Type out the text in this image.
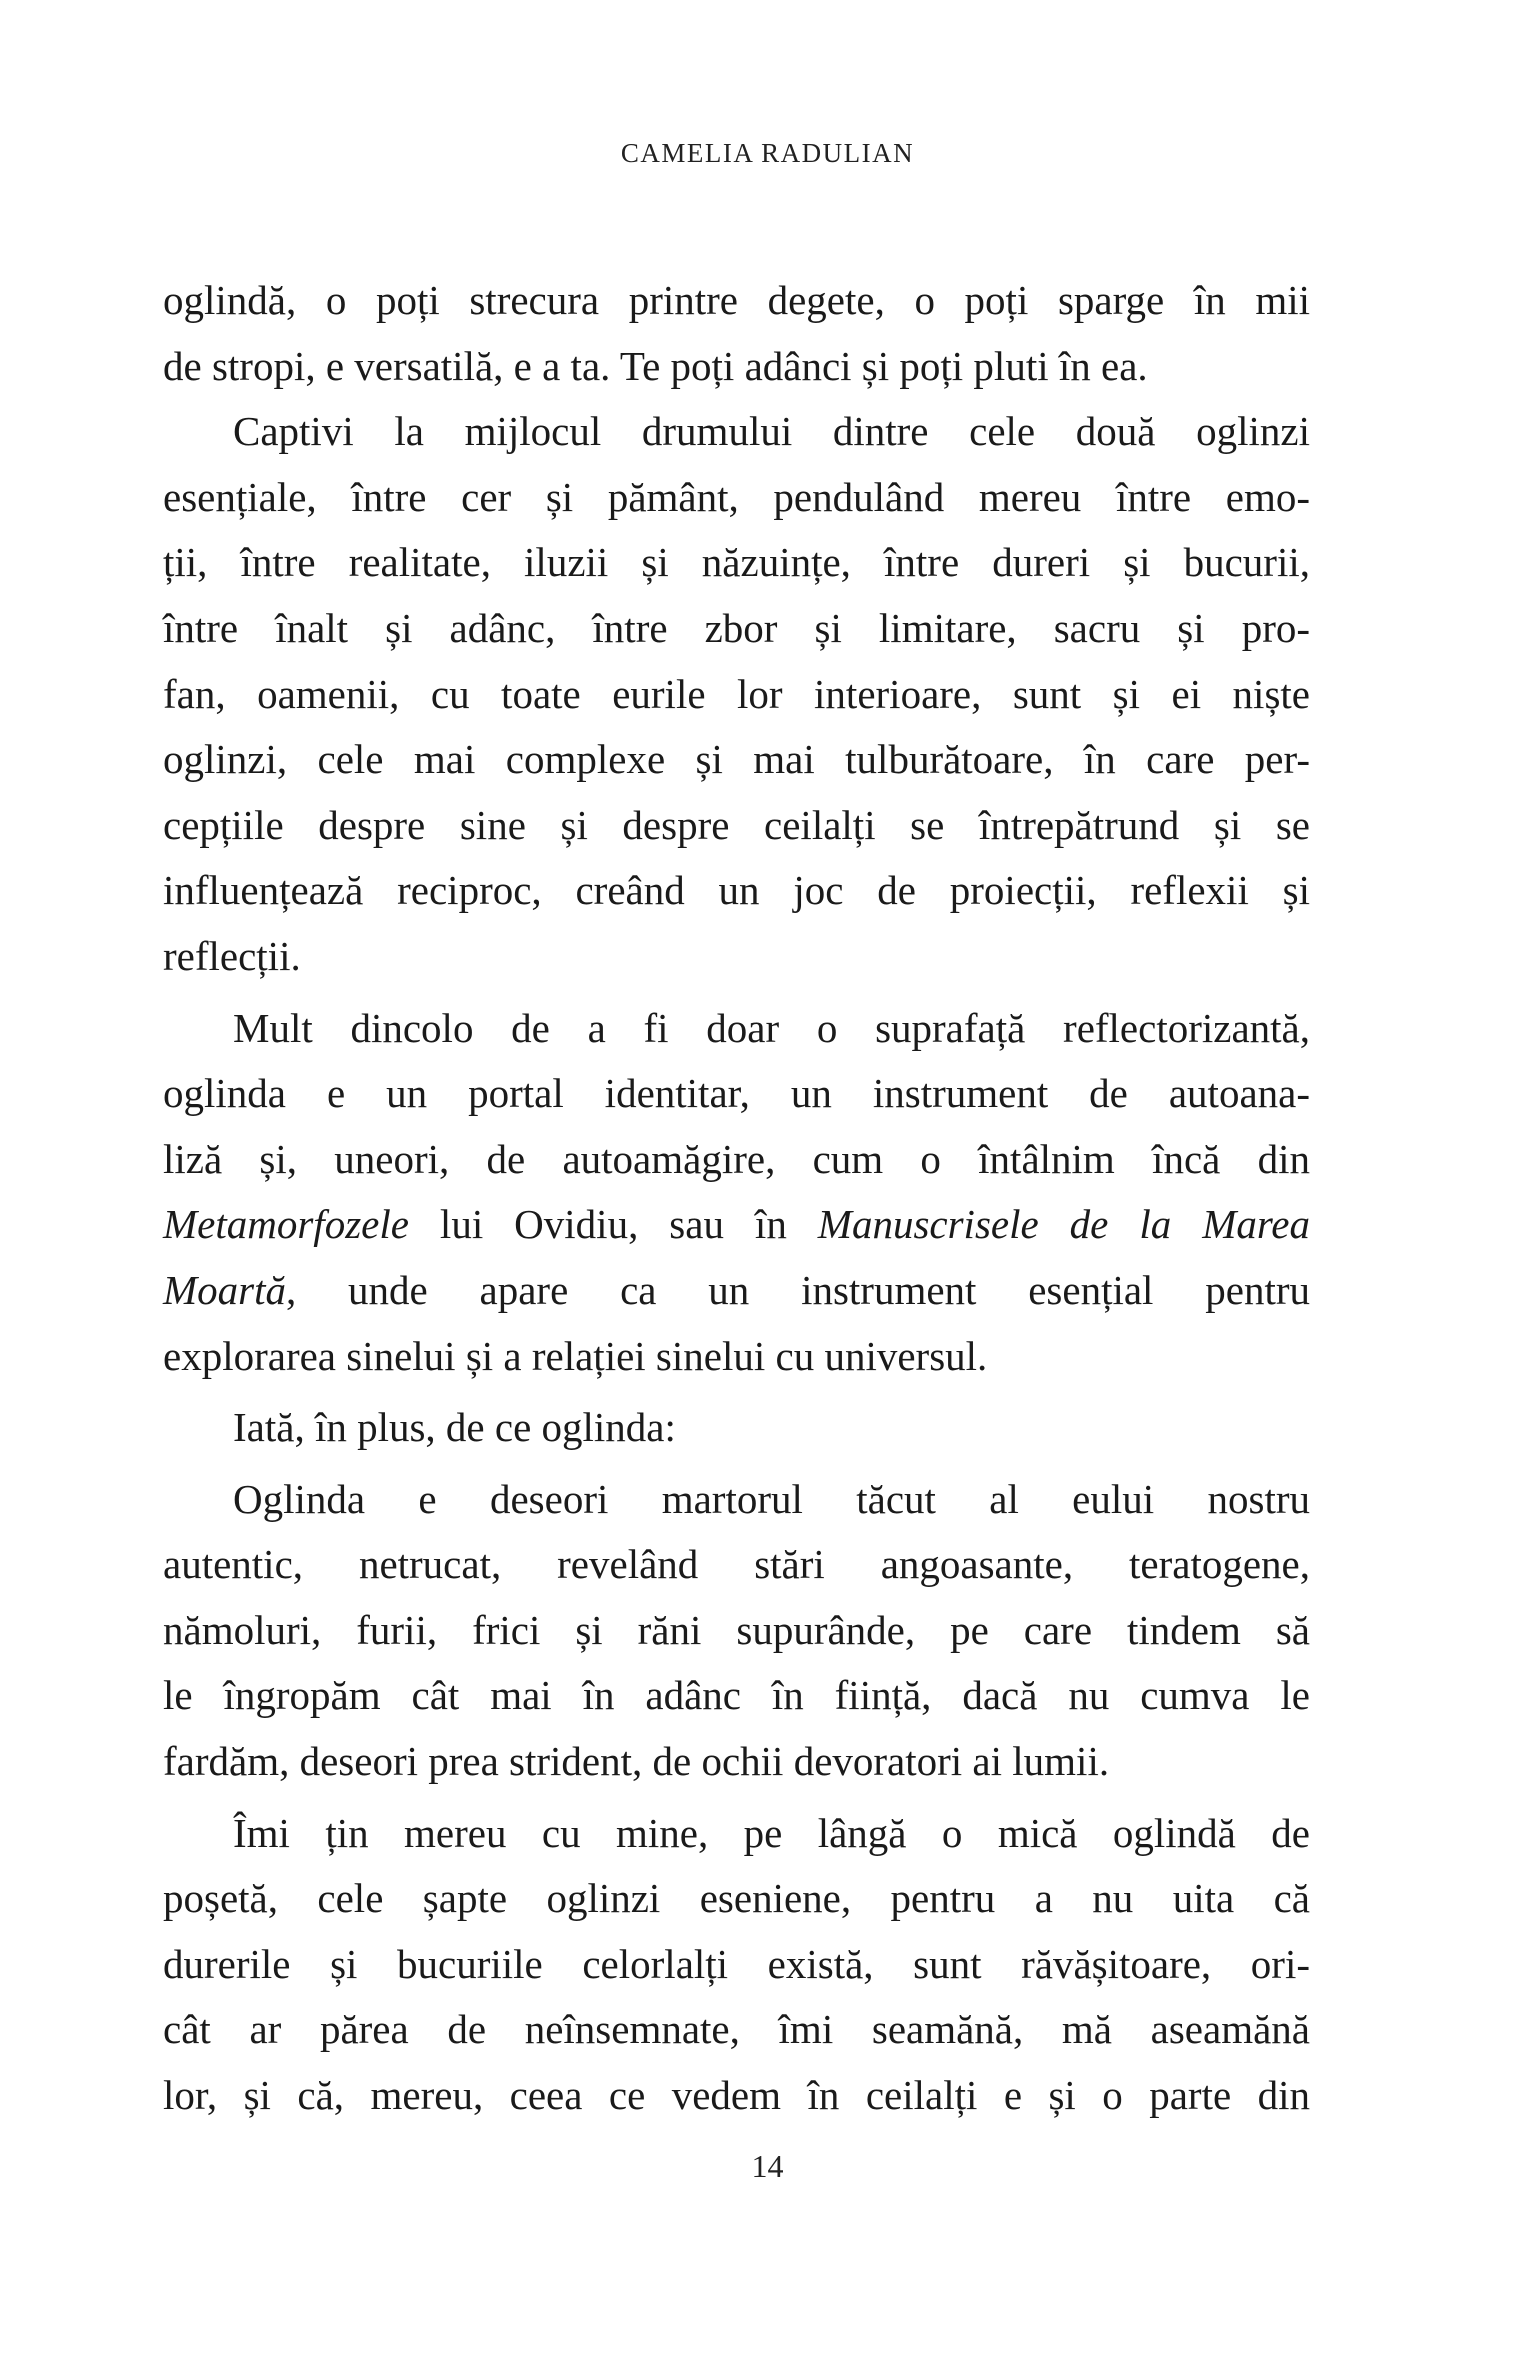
CAMELIA RADULIAN
oglindă, o poți strecura printre degete, o poți sparge în mii
de stropi, e versatilă, e a ta. Te poți adânci și poți pluti în ea.
Captivi la mijlocul drumului dintre cele două oglinzi
esențiale, între cer și pământ, pendulând mereu între emo-
ții, între realitate, iluzii și năzuințe, între dureri și bucurii,
între înalt și adânc, între zbor și limitare, sacru și pro-
fan, oamenii, cu toate eurile lor interioare, sunt și ei niște
oglinzi, cele mai complexe și mai tulburătoare, în care per-
cepțiile despre sine și despre ceilalți se întrepătrund și se
influențează reciproc, creând un joc de proiecții, reflexii și
reflecții.
Mult dincolo de a fi doar o suprafață reflectorizantă,
oglinda e un portal identitar, un instrument de autoana-
liză și, uneori, de autoamăgire, cum o întâlnim încă din
Metamorfozele lui Ovidiu, sau în Manuscrisele de la Marea
Moartă, unde apare ca un instrument esențial pentru
explorarea sinelui și a relației sinelui cu universul.
Iată, în plus, de ce oglinda:
Oglinda e deseori martorul tăcut al eului nostru
autentic, netrucat, revelând stări angoasante, teratogene,
nămoluri, furii, frici și răni supurânde, pe care tindem să
le îngropăm cât mai în adânc în ființă, dacă nu cumva le
fardăm, deseori prea strident, de ochii devoratori ai lumii.
Îmi țin mereu cu mine, pe lângă o mică oglindă de
poșetă, cele șapte oglinzi eseniene, pentru a nu uita că
durerile și bucuriile celorlalți există, sunt răvășitoare, ori-
cât ar părea de neînsemnate, îmi seamănă, mă aseamănă
lor, și că, mereu, ceea ce vedem în ceilalți e și o parte din
14
